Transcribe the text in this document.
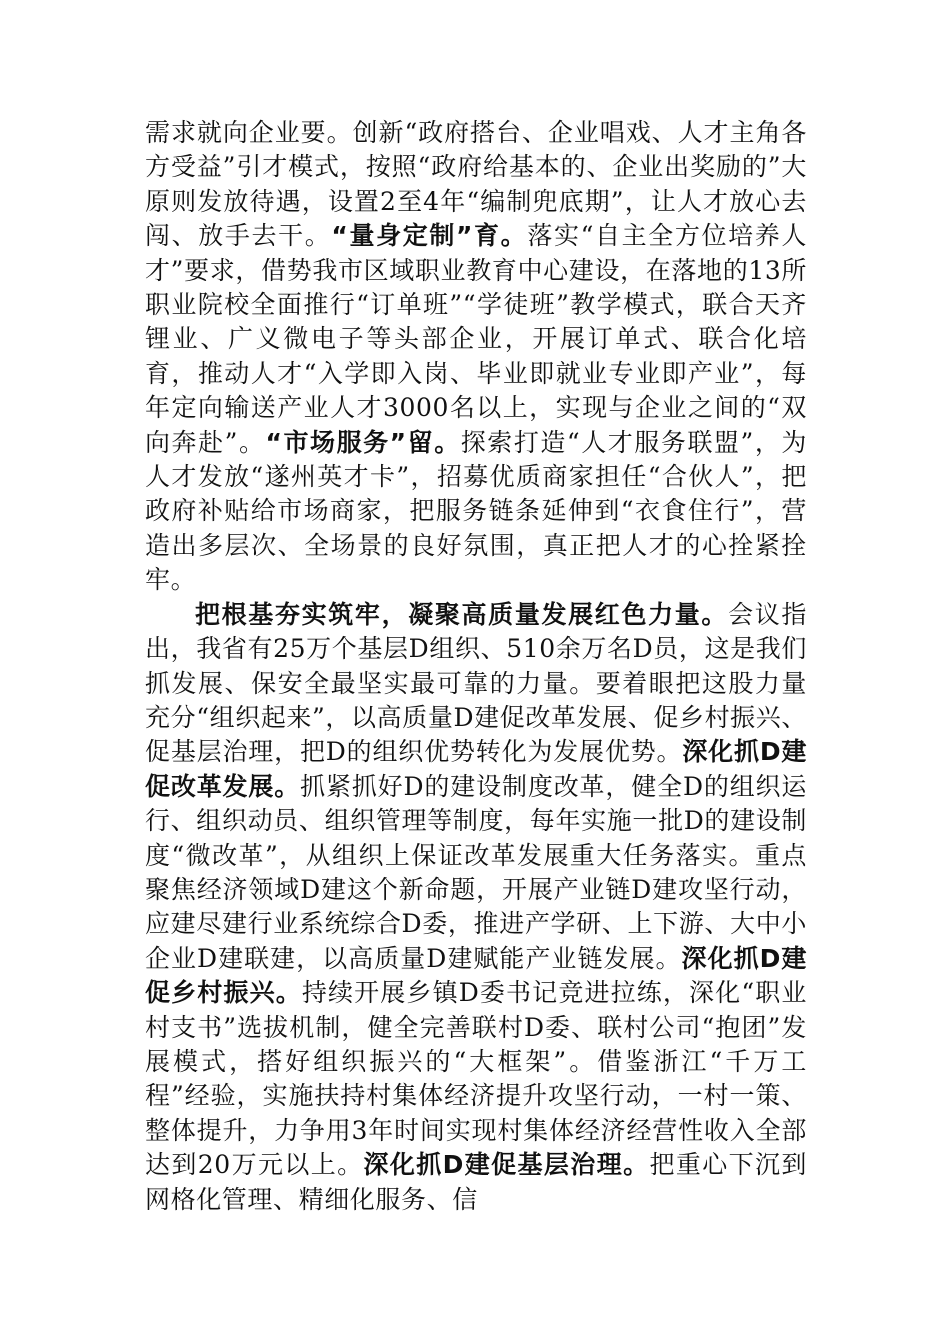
需求就向企业要。创新“政府搭台、企业唱戏、人才主角各方受益”引才模式，按照“政府给基本的、企业出奖励的”大原则发放待遇，设置2至4年“编制兜底期”，让人才放心去闯、放手去干。“量身定制”育。落实“自主全方位培养人才”要求，借势我市区域职业教育中心建设，在落地的13所职业院校全面推行“订单班”“学徒班”教学模式，联合天齐锂业、广义微电子等头部企业，开展订单式、联合化培育，推动人才“入学即入岗、毕业即就业专业即产业”，每年定向输送产业人才3000名以上，实现与企业之间的“双向奔赴”。“市场服务”留。探索打造“人才服务联盟”，为人才发放“遂州英才卡”，招募优质商家担任“合伙人”，把政府补贴给市场商家，把服务链条延伸到“衣食住行”，营造出多层次、全场景的良好氛围，真正把人才的心拴紧拴牢。

把根基夯实筑牢，凝聚高质量发展红色力量。会议指出，我省有25万个基层D组织、510余万名D员，这是我们抓发展、保安全最坚实最可靠的力量。要着眼把这股力量充分“组织起来”，以高质量D建促改革发展、促乡村振兴、促基层治理，把D的组织优势转化为发展优势。深化抓D建促改革发展。抓紧抓好D的建设制度改革，健全D的组织运行、组织动员、组织管理等制度，每年实施一批D的建设制度“微改革”，从组织上保证改革发展重大任务落实。重点聚焦经济领域D建这个新命题，开展产业链D建攻坚行动，应建尽建行业系统综合D委，推进产学研、上下游、大中小企业D建联建，以高质量D建赋能产业链发展。深化抓D建促乡村振兴。持续开展乡镇D委书记竞进拉练，深化“职业村支书”选拔机制，健全完善联村D委、联村公司“抱团”发展模式，搭好组织振兴的“大框架”。借鉴浙江“千万工程”经验，实施扶持村集体经济提升攻坚行动，一村一策、整体提升，力争用3年时间实现村集体经济经营性收入全部达到20万元以上。深化抓D建促基层治理。把重心下沉到网格化管理、精细化服务、信
